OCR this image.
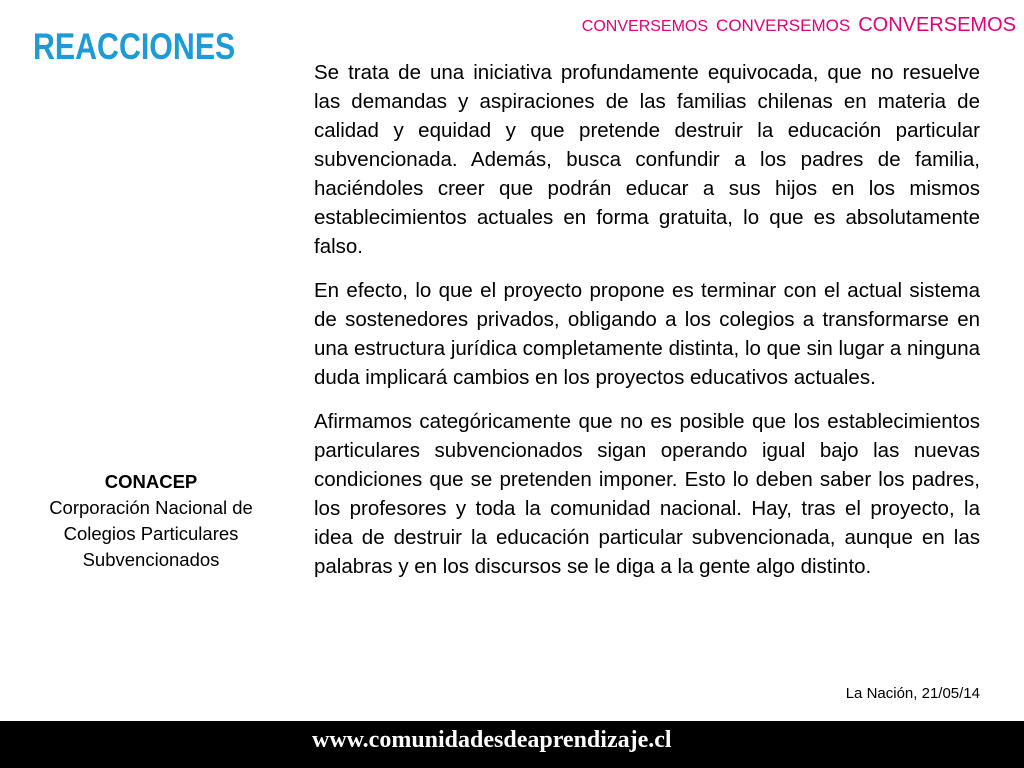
REACCIONES	CONVERSEMOS CONVERSEMOS CONVERSEMOS

Se trata de una iniciativa profundamente equivocada, que no resuelve las demandas y aspiraciones de las familias chilenas en materia de calidad y equidad y que pretende destruir la educación particular subvencionada. Además, busca confundir a los padres de familia, haciéndoles creer que podrán educar a sus hijos en los mismos establecimientos actuales en forma gratuita, lo que es absolutamente falso.

En efecto, lo que el proyecto propone es terminar con el actual sistema de sostenedores privados, obligando a los colegios a transformarse en una estructura jurídica completamente distinta, lo que sin lugar a ninguna duda implicará cambios en los proyectos educativos actuales.

Afirmamos categóricamente que no es posible que los establecimientos particulares subvencionados sigan operando igual bajo las nuevas condiciones que se pretenden imponer. Esto lo deben saber los padres, los profesores y toda la comunidad nacional. Hay, tras el proyecto, la idea de destruir la educación particular subvencionada, aunque en las palabras y en los discursos se le diga a la gente algo distinto.

La Nación, 21/05/14
CONACEP
Corporación Nacional de
Colegios Particulares
Subvencionados
www.comunidadesdeaprendizaje.cl
